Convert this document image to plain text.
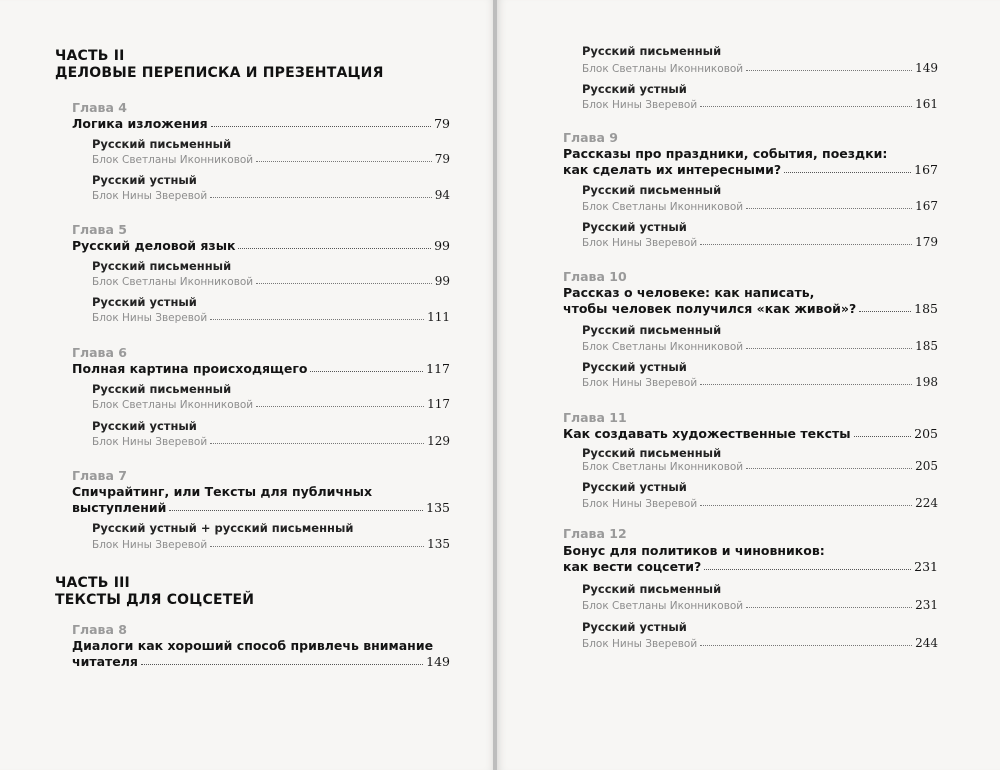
ЧАСТЬ II
ДЕЛОВЫЕ ПЕРЕПИСКА И ПРЕЗЕНТАЦИЯ
Глава 4
Логика изложения	79
Русский письменный
Блок Светланы Иконниковой	79
Русский устный
Блок Нины Зверевой	94
Глава 5
Русский деловой язык	99
Русский письменный
Блок Светланы Иконниковой	99
Русский устный
Блок Нины Зверевой	111
Глава 6
Полная картина происходящего	117
Русский письменный
Блок Светланы Иконниковой	117
Русский устный
Блок Нины Зверевой	129
Глава 7
Спичрайтинг, или Тексты для публичных
выступлений	135
Русский устный + русский письменный
Блок Нины Зверевой	135
ЧАСТЬ III
ТЕКСТЫ ДЛЯ СОЦСЕТЕЙ
Глава 8
Диалоги как хороший способ привлечь внимание
читателя	149
Русский письменный
Блок Светланы Иконниковой	149
Русский устный
Блок Нины Зверевой	161
Глава 9
Рассказы про праздники, события, поездки:
как сделать их интересными?	167
Русский письменный
Блок Светланы Иконниковой	167
Русский устный
Блок Нины Зверевой	179
Глава 10
Рассказ о человеке: как написать,
чтобы человек получился «как живой»?	185
Русский письменный
Блок Светланы Иконниковой	185
Русский устный
Блок Нины Зверевой	198
Глава 11
Как создавать художественные тексты	205
Русский письменный
Блок Светланы Иконниковой	205
Русский устный
Блок Нины Зверевой	224
Глава 12
Бонус для политиков и чиновников:
как вести соцсети?	231
Русский письменный
Блок Светланы Иконниковой	231
Русский устный
Блок Нины Зверевой	244
